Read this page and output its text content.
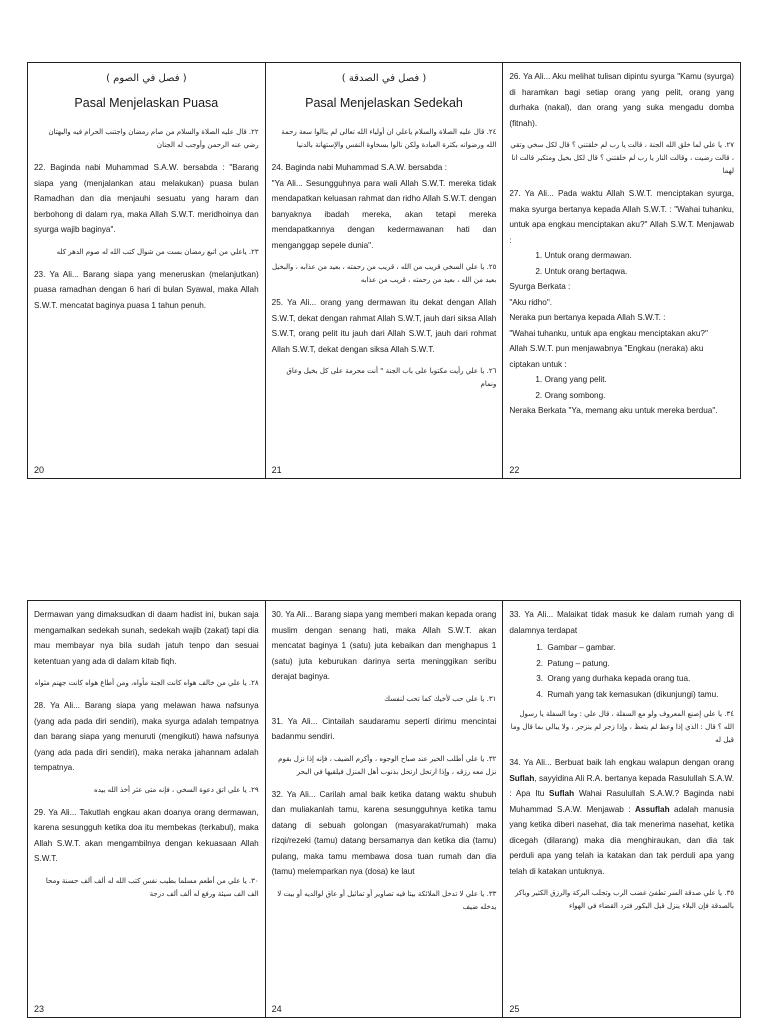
( فصل في الصوم )
Pasal Menjelaskan Puasa
٢٢. قال عليه الصلاة والسلام من صام رمضان واجتنب الحرام فيه والبهتان رضي عنه الرحمن وأوجب له الجنان
22. Baginda nabi Muhammad S.A.W. bersabda : "Barang siapa yang (menjalankan atau melakukan) puasa bulan Ramadhan dan dia menjauhi sesuatu yang haram dan berbohong di dalam rya, maka Allah S.W.T. meridhoinya dan syurga wajib baginya".
٢٣. ياعلي من اتبع رمضان بست من شوال كتب الله له صوم الدهر كله
23. Ya Ali... Barang siapa yang meneruskan (melanjutkan) puasa ramadhan dengan 6 hari di bulan Syawal, maka Allah S.W.T. mencatat baginya puasa 1 tahun penuh.
20
( فصل في الصدقة )
Pasal Menjelaskan Sedekah
٢٤. قال عليه الصلاة والسلام ياعلي ان أولياء الله تعالى لم ينالوا سعة رحمة الله ورضوانه بكثرة العبادة ولكن نالوا بسخاوة النفس والإستهانة بالدنيا
24. Baginda nabi Muhammad S.A.W. bersabda :
"Ya Ali... Sesungguhnya para wali Allah S.W.T. mereka tidak mendapatkan keluasan rahmat dan ridho Allah S.W.T. dengan banyaknya ibadah mereka, akan tetapi mereka mendapatkannya dengan kedermawanan hati dan menganggap sepele dunia".
٢٥. يا علي السخي قريب من الله ، قريب من رحمته ، بعيد من عذابه ، والبخيل بعيد من الله ، بعيد من رحمته ، قريب من عذابه
25. Ya Ali... orang yang dermawan itu dekat dengan Allah S.W.T, dekat dengan rahmat Allah S.W.T, jauh dari siksa Allah S.W.T, orang pelit itu jauh dari Allah S.W.T, jauh dari rohmat Allah S.W.T, dekat dengan siksa Allah S.W.T.
٢٦. يا علي رأيت مكتوبا على باب الجنة " أنت محرمة على كل بخيل وعاق ونمام
21
26. Ya Ali... Aku melihat tulisan dipintu syurga "Kamu (syurga) di haramkan bagi setiap orang yang pelit, orang yang durhaka (nakal), dan orang yang suka mengadu domba (fitnah).
٢٧. يا علي لما خلق الله الجنة ، قالت يا رب لم خلقتني ؟ قال لكل سخي وتقي ، قالت رضيت ، وقالت النار يا رب لم خلقتني ؟ قال لكل بخيل ومتكبر قالت انا لهما
27. Ya Ali... Pada waktu Allah S.W.T. menciptakan syurga, maka syurga bertanya kepada Allah S.W.T. : "Wahai tuhanku, untuk apa engkau menciptakan aku?" Allah S.W.T. Menjawab :
1. Untuk orang dermawan.
2. Untuk orang bertaqwa.
Syurga Berkata :
"Aku ridho".
Neraka pun bertanya kepada Allah S.W.T. :
"Wahai tuhanku, untuk apa engkau menciptakan aku?"
Allah S.W.T. pun menjawabnya "Engkau (neraka) aku ciptakan untuk :
1. Orang yang pelit.
2. Orang sombong.
Neraka Berkata "Ya, memang aku untuk mereka berdua".
22
Dermawan yang dimaksudkan di daam hadist ini, bukan saja mengamalkan sedekah sunah, sedekah wajib (zakat) tapi dia mau membayar nya bila sudah jatuh tenpo dan sesuai ketentuan yang ada di dalam kitab fiqh.
٢٨. يا علي من خالف هواه كانت الجنة مأواه، ومن أطاع هواه كانت جهنم مثواه
28. Ya Ali... Barang siapa yang melawan hawa nafsunya (yang ada pada diri sendiri), maka syurga adalah tempatnya dan barang siapa yang menuruti (mengikuti) hawa nafsunya (yang ada pada diri sendiri), maka neraka jahannam adalah tempatnya.
٢٩. يا علي اتق دعوة السخي ، فإنه متى عثر أخذ الله بيده
29. Ya Ali... Takutlah engkau akan doanya orang dermawan, karena sesungguh ketika doa itu membekas (terkabul), maka Allah S.W.T. akan mengambilnya dengan kekuasaan Allah S.W.T.
٣٠. يا علي من أطعم مسلما بطيب نفس كتب الله له ألف ألف حسنة ومحا الف الف سيئة ورفع له ألف ألف درجة
23
30. Ya Ali... Barang siapa yang memberi makan kepada orang muslim dengan senang hati, maka Allah S.W.T. akan mencatat baginya 1 (satu) juta kebaikan dan menghapus 1 (satu) juta keburukan darinya serta meninggikan seribu derajat baginya.
٣١. يا علي حب لأخيك كما تحب لنفسك
31. Ya Ali... Cintailah saudaramu seperti dirimu mencintai badanmu sendiri.
٣٢. يا علي أطلب الخير عند صباح الوجوه ، وأكرم الضيف ، فإنه إذا نزل بقوم نزل معه رزقه ، وإذا ارتحل ارتحل بذنوب أهل المنزل فيلقيها في البحر
32. Ya Ali... Carilah amal baik ketika datang waktu shubuh dan muliakanlah tamu, karena sesungguhnya ketika tamu datang di sebuah golongan (masyarakat/rumah) maka rizqi/rezeki (tamu) datang bersamanya dan ketika dia (tamu) pulang, maka tamu membawa dosa tuan rumah dan dia (tamu) melemparkan nya (dosa) ke laut
٣٣. يا علي لا تدخل الملائكة بيتا فيه تصاوير أو تماثيل أو عاق لوالديه أو بيت لا يدخله ضيف
24
33. Ya Ali... Malaikat tidak masuk ke dalam rumah yang di dalamnya terdapat
1. Gambar – gambar.
2. Patung – patung.
3. Orang yang durhaka kepada orang tua.
4. Rumah yang tak kemasukan (dikunjungi) tamu.
٣٤. يا علي إصنع المعروف ولو مع السفلة ، قال علي : وما السفلة يا رسول الله ؟ قال : الذي إذا وعظ لم يتعظ ، وإذا زجر لم ينزجر ، ولا يبالي بما قال وما قيل له
34. Ya Ali... Berbuat baik lah engkau walapun dengan orang Suflah, sayyidina Ali R.A. bertanya kepada Rasulullah S.A.W. : Apa Itu Suflah Wahai Rasulullah S.A.W.? Baginda nabi Muhammad S.A.W. Menjawab : Assuflah adalah manusia yang ketika diberi nasehat, dia tak menerima nasehat, ketika dicegah (dilarang) maka dia menghiraukan, dan dia tak perduli apa yang telah ia katakan dan tak perduli apa yang telah di katakan untuknya.
٣٥. يا علي صدقة السر تطفئ غضب الرب وتجلب البركة والرزق الكثير وباكر بالصدقة فإن البلاء ينزل قبل البكور فترد القضاء في الهواء
25
